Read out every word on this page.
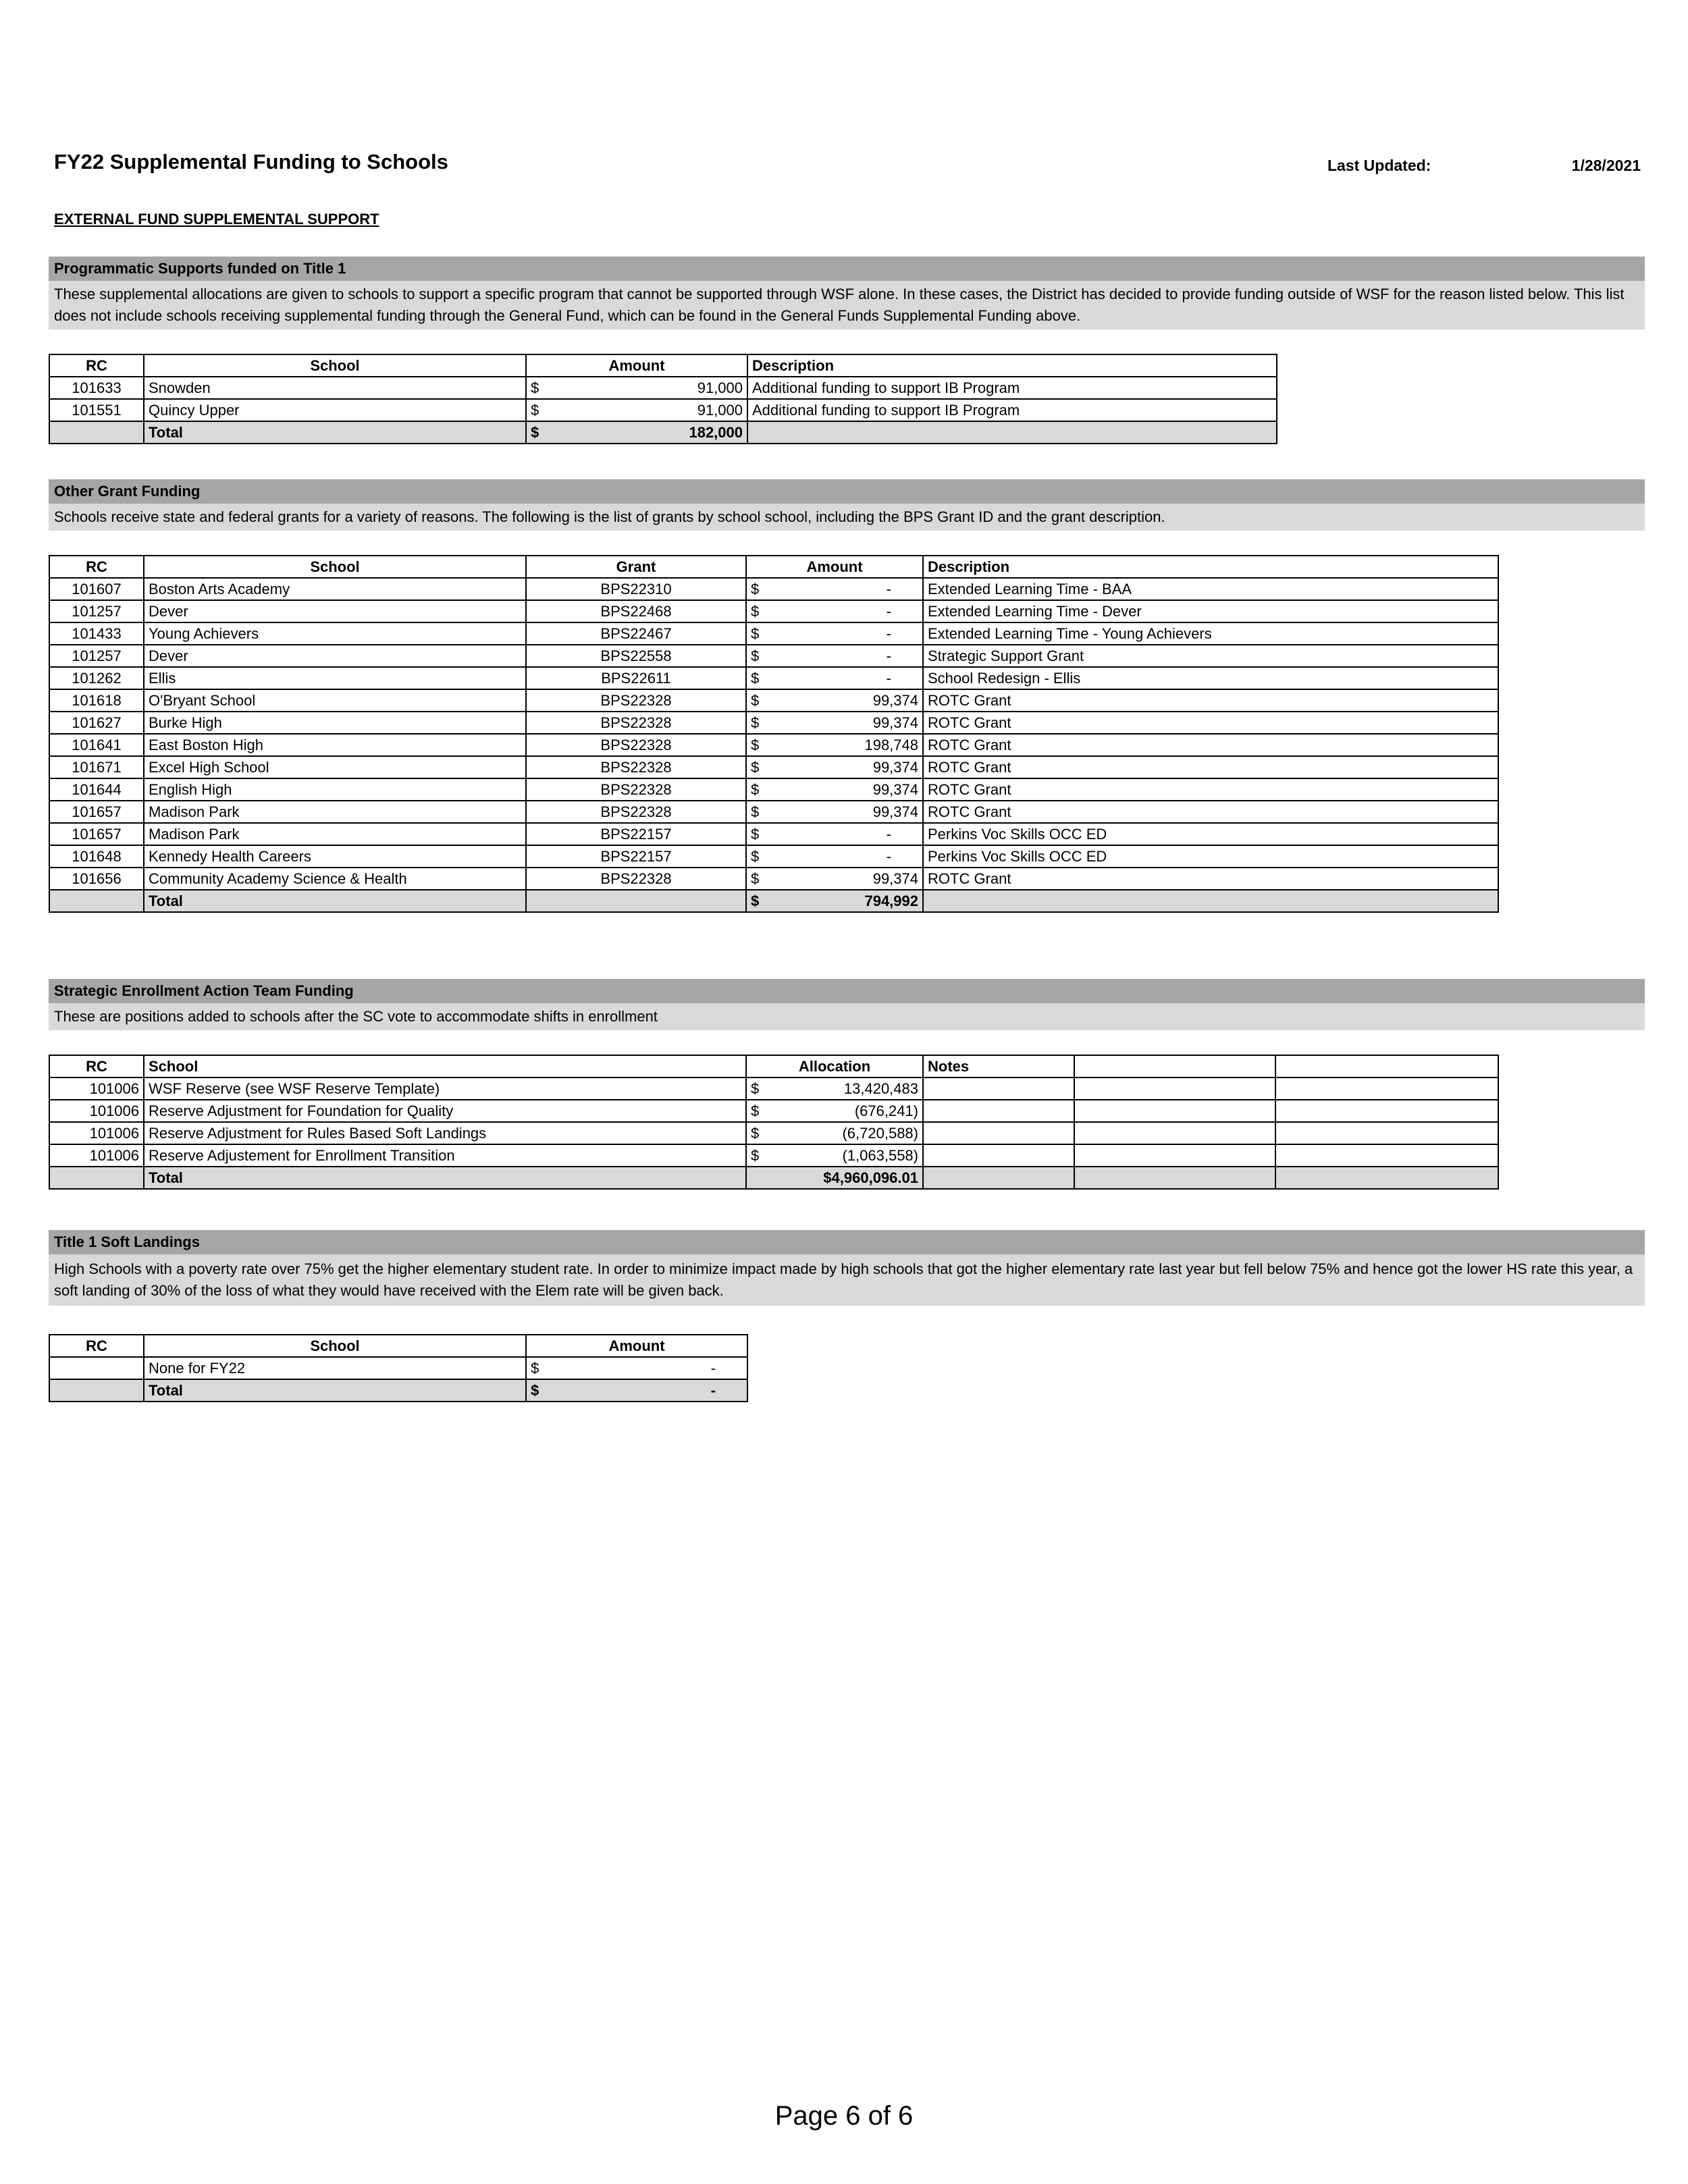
FY22 Supplemental Funding to Schools	Last Updated:	1/28/2021
EXTERNAL FUND SUPPLEMENTAL SUPPORT
Programmatic Supports funded on Title 1
These supplemental allocations are given to schools to support a specific program that cannot be supported through WSF alone. In these cases, the District has decided to provide funding outside of WSF for the reason listed below. This list does not include schools receiving supplemental funding through the General Fund, which can be found in the General Funds Supplemental Funding above.
RC	School	Amount	Description
101633	Snowden	$ 91,000	Additional funding to support IB Program
101551	Quincy Upper	$ 91,000	Additional funding to support IB Program
	Total	$ 182,000	

Other Grant Funding
Schools receive state and federal grants for a variety of reasons. The following is the list of grants by school school, including the BPS Grant ID and the grant description.
RC	School	Grant	Amount	Description
101607	Boston Arts Academy	BPS22310	$ -	Extended Learning Time - BAA
101257	Dever	BPS22468	$ -	Extended Learning Time - Dever
101433	Young Achievers	BPS22467	$ -	Extended Learning Time - Young Achievers
101257	Dever	BPS22558	$ -	Strategic Support Grant
101262	Ellis	BPS22611	$ -	School Redesign - Ellis
101618	O'Bryant School	BPS22328	$ 99,374	ROTC Grant
101627	Burke High	BPS22328	$ 99,374	ROTC Grant
101641	East Boston High	BPS22328	$ 198,748	ROTC Grant
101671	Excel High School	BPS22328	$ 99,374	ROTC Grant
101644	English High	BPS22328	$ 99,374	ROTC Grant
101657	Madison Park	BPS22328	$ 99,374	ROTC Grant
101657	Madison Park	BPS22157	$ -	Perkins Voc Skills OCC ED
101648	Kennedy Health Careers	BPS22157	$ -	Perkins Voc Skills OCC ED
101656	Community Academy Science & Health	BPS22328	$ 99,374	ROTC Grant
	Total		$ 794,992	

Strategic Enrollment Action Team Funding
These are positions added to schools after the SC vote to accommodate shifts in enrollment
RC	School	Allocation	Notes		
101006	WSF Reserve (see WSF Reserve Template)	$ 13,420,483			

101006	Reserve Adjustment for Foundation for Quality	$ (676,241)			

101006	Reserve Adjustment for Rules Based Soft Landings	$ (6,720,588)			

101006	Reserve Adjustement for Enrollment Transition	$ (1,063,558)			

	Total	$4,960,096.01			
Title 1 Soft Landings
High Schools with a poverty rate over 75% get the higher elementary student rate. In order to minimize impact made by high schools that got the higher elementary rate last year but fell below 75% and hence got the lower HS rate this year, a soft landing of 30% of the loss of what they would have received with the Elem rate will be given back.
RC	School	Amount
	None for FY22	$ -

	Total	$ -
Page 6 of 6
